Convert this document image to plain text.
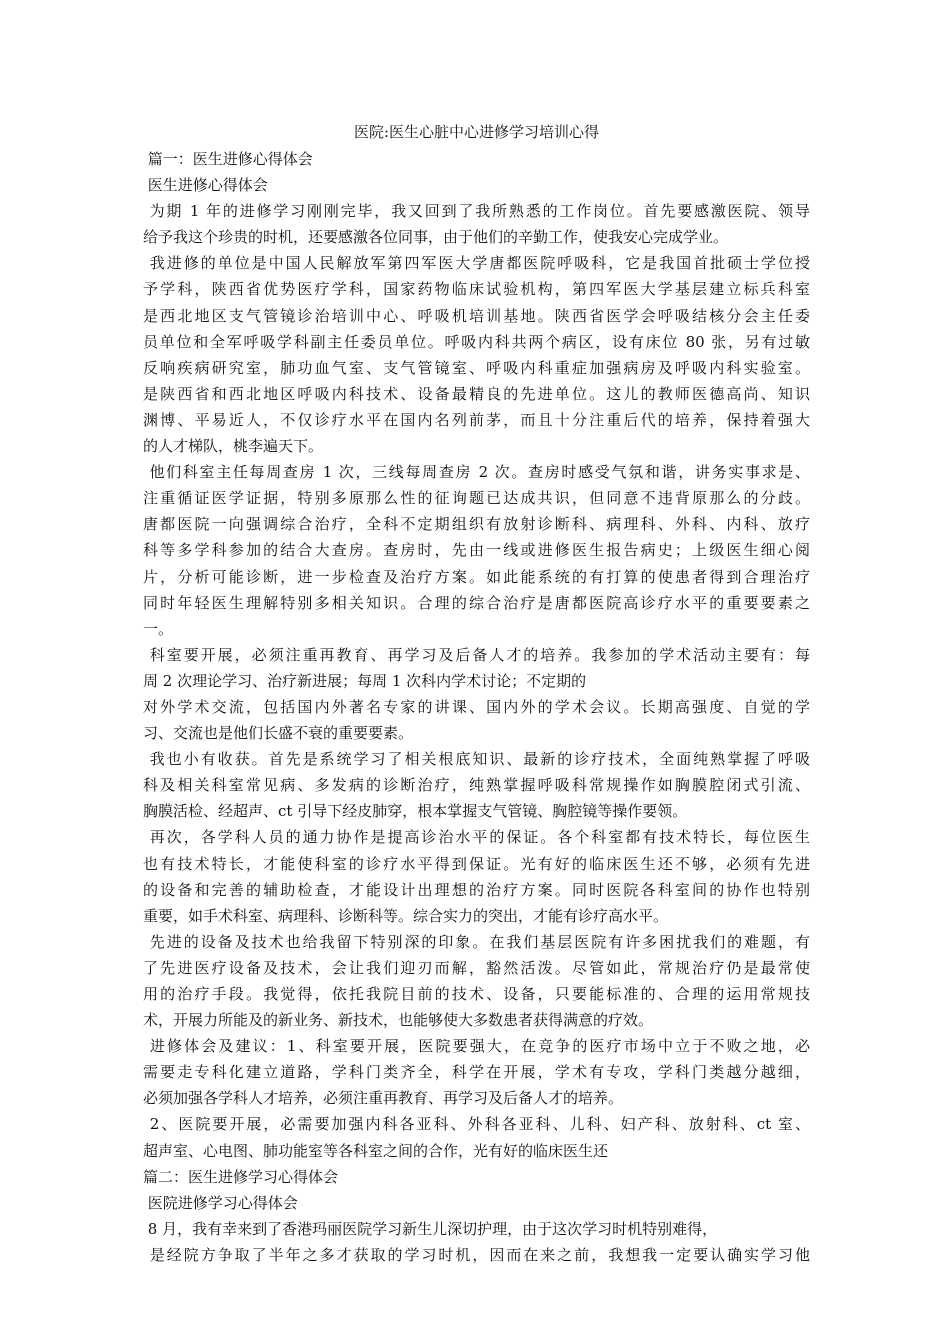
医院:医生心脏中心进修学习培训心得

篇一：医生进修心得体会

医生进修心得体会

为期 1 年的进修学习刚刚完毕，我又回到了我所熟悉的工作岗位。首先要感激医院、领导

给予我这个珍贵的时机，还要感激各位同事，由于他们的辛勤工作，使我安心完成学业。

我进修的单位是中国人民解放军第四军医大学唐都医院呼吸科，它是我国首批硕士学位授

予学科，陕西省优势医疗学科，国家药物临床试验机构，第四军医大学基层建立标兵科室

是西北地区支气管镜诊治培训中心、呼吸机培训基地。陕西省医学会呼吸结核分会主任委

员单位和全军呼吸学科副主任委员单位。呼吸内科共两个病区，设有床位 80 张，另有过敏

反响疾病研究室，肺功血气室、支气管镜室、呼吸内科重症加强病房及呼吸内科实验室。

是陕西省和西北地区呼吸内科技术、设备最精良的先进单位。这儿的教师医德高尚、知识

渊博、平易近人，不仅诊疗水平在国内名列前茅，而且十分注重后代的培养，保持着强大

的人才梯队，桃李遍天下。

他们科室主任每周查房 1 次，三线每周查房 2 次。查房时感受气氛和谐，讲务实事求是、

注重循证医学证据，特别多原那么性的征询题已达成共识，但同意不违背原那么的分歧。

唐都医院一向强调综合治疗，全科不定期组织有放射诊断科、病理科、外科、内科、放疗

科等多学科参加的结合大查房。查房时，先由一线或进修医生报告病史；上级医生细心阅

片，分析可能诊断，进一步检查及治疗方案。如此能系统的有打算的使患者得到合理治疗

同时年轻医生理解特别多相关知识。合理的综合治疗是唐都医院高诊疗水平的重要要素之

一。

科室要开展，必须注重再教育、再学习及后备人才的培养。我参加的学术活动主要有：每

周 2 次理论学习、治疗新进展；每周 1 次科内学术讨论；不定期的

对外学术交流，包括国内外著名专家的讲课、国内外的学术会议。长期高强度、自觉的学

习、交流也是他们长盛不衰的重要要素。

我也小有收获。首先是系统学习了相关根底知识、最新的诊疗技术，全面纯熟掌握了呼吸

科及相关科室常见病、多发病的诊断治疗，纯熟掌握呼吸科常规操作如胸膜腔闭式引流、

胸膜活检、经超声、ct 引导下经皮肺穿，根本掌握支气管镜、胸腔镜等操作要领。

再次，各学科人员的通力协作是提高诊治水平的保证。各个科室都有技术特长，每位医生

也有技术特长，才能使科室的诊疗水平得到保证。光有好的临床医生还不够，必须有先进

的设备和完善的辅助检查，才能设计出理想的治疗方案。同时医院各科室间的协作也特别

重要，如手术科室、病理科、诊断科等。综合实力的突出，才能有诊疗高水平。

先进的设备及技术也给我留下特别深的印象。在我们基层医院有许多困扰我们的难题，有

了先进医疗设备及技术，会让我们迎刃而解，豁然活泼。尽管如此，常规治疗仍是最常使

用的治疗手段。我觉得，依托我院目前的技术、设备，只要能标准的、合理的运用常规技

术，开展力所能及的新业务、新技术，也能够使大多数患者获得满意的疗效。

进修体会及建议：1、科室要开展，医院要强大，在竞争的医疗市场中立于不败之地，必

需要走专科化建立道路，学科门类齐全，科学在开展，学术有专攻，学科门类越分越细，

必须加强各学科人才培养，必须注重再教育、再学习及后备人才的培养。

2、医院要开展，必需要加强内科各亚科、外科各亚科、儿科、妇产科、放射科、ct 室、

超声室、心电图、肺功能室等各科室之间的合作，光有好的临床医生还

篇二：医生进修学习心得体会

医院进修学习心得体会

8 月，我有幸来到了香港玛丽医院学习新生儿深切护理，由于这次学习时机特别难得，

是经院方争取了半年之多才获取的学习时机，因而在来之前，我想我一定要认确实学习他
